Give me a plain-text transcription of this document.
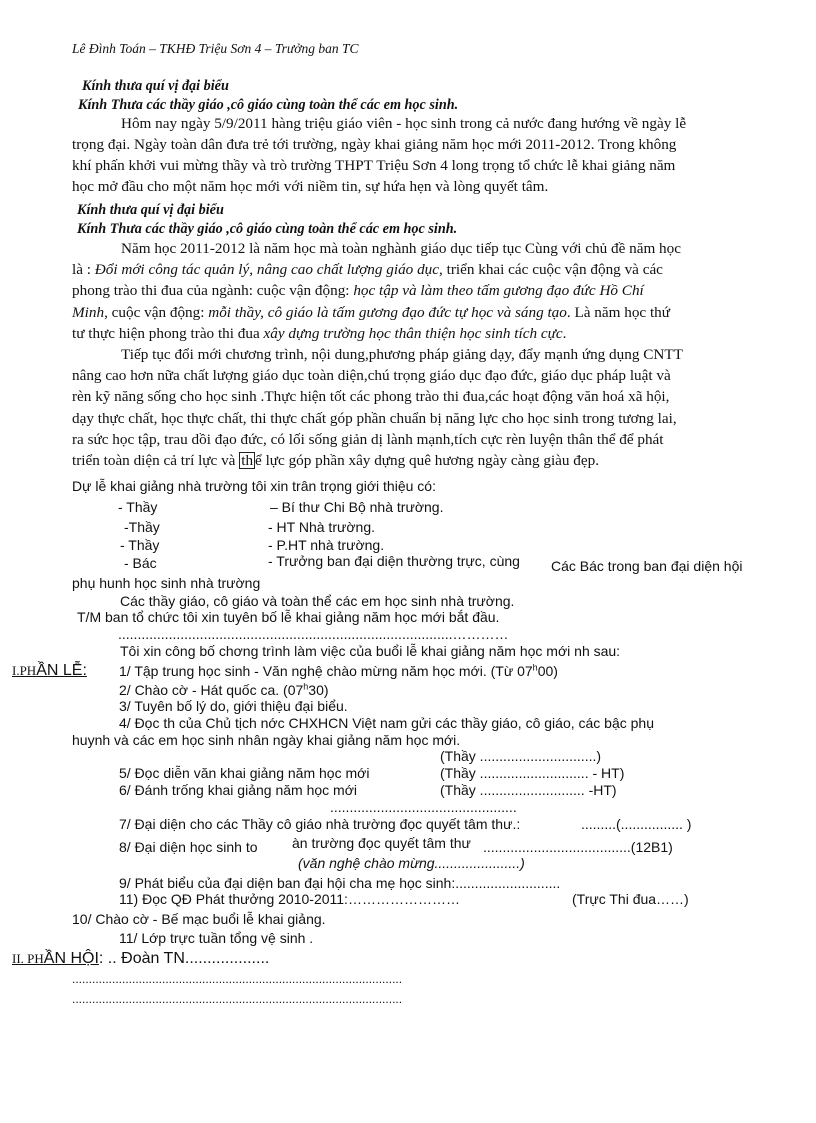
Lê Đình Toán – TKHĐ Triệu Sơn 4 – Trưởng ban TC
Kính thưa quí vị đại biểu
Kính Thưa các thầy giáo ,cô giáo cùng toàn thể các em học sinh.
Hôm nay ngày 5/9/2011 hàng triệu giáo viên - học sinh trong cả nước đang hướng về ngày lễ
trọng đại. Ngày toàn dân đưa trẻ tới trường, ngày khai giảng năm học mới 2011-2012. Trong không
khí phấn khởi vui mừng thầy và trò trường THPT Triệu Sơn 4 long trọng tổ chức lễ khai giảng năm
học mở đầu cho một năm học mới với niềm tin, sự hứa hẹn và lòng quyết tâm.
Kính thưa quí vị đại biểu
Kính Thưa các thầy giáo ,cô giáo cùng toàn thể các em học sinh.
Năm học 2011-2012 là năm học mà toàn nghành giáo dục tiếp tục Cùng với chủ đề năm học
là : Đổi mới công tác quản lý, nâng cao chất lượng giáo dục, triển khai các cuộc vận động và các
phong trào thi đua của ngành: cuộc vận động: học tập và làm theo tấm gương đạo đức Hồ Chí
Minh, cuộc vận động: mỗi thầy, cô giáo là tấm gương đạo đức tự học và sáng tạo. Là năm học thứ
tư thực hiện phong trào thi đua xây dựng trường học thân thiện học sinh tích cực.
Tiếp tục đổi mới chương trình, nội dung,phương pháp giảng dạy, đẩy mạnh ứng dụng CNTT
nâng cao hơn nữa chất lượng giáo dục toàn diện,chú trọng giáo dục đạo đức, giáo dục pháp luật và
rèn kỹ năng sống cho học sinh .Thực hiện tốt các phong trào thi đua,các hoạt động văn hoá xã hội,
dạy thực chất, học thực chất, thi thực chất góp phần chuẩn bị năng lực cho học sinh trong tương lai,
ra sức học tập, trau dồi đạo đức, có lối sống giản dị lành mạnh,tích cực rèn luyện thân thể để phát
triển toàn diện cả trí lực và th ể lực góp phần xây dựng quê hương ngày càng giàu đẹp.
Dự lễ khai giảng nhà trường tôi xin trân trọng giới thiệu có:
- Thầy	– Bí thư Chi Bộ nhà trường.
-Thầy	- HT Nhà trường.
- Thầy	- P.HT nhà trường.
- Bác	- Trưởng ban đại diện thường trực, cùng Các Bác trong ban đại diện hội
phụ hunh học sinh nhà trường
Các thầy giáo, cô giáo và toàn thể các em học sinh nhà trường.
T/M ban tổ chức tôi xin tuyên bố lễ khai giảng năm học mới bắt đầu.
......................................................................................…………
Tôi xin công bố chơng trình làm việc của buổi lễ khai giảng năm học mới nh sau:
I.PHẦN LỄ: 1/ Tập trung học sinh - Văn nghệ chào mừng năm học mới. (Từ 07$^h$00)
2/ Chào cờ - Hát quốc ca. (07$^h$30)
3/ Tuyên bố lý do, giới thiệu đại biểu.
4/ Đọc th của Chủ tịch nớc CHXHCN Việt nam gửi các thầy giáo, cô giáo, các bậc phụ
huynh và các em học sinh nhân ngày khai giảng năm học mới.
(Thầy ..............................)
5/ Đọc diễn văn khai giảng năm học mới	(Thầy ............................ - HT)
6/ Đánh trống khai giảng năm học mới	(Thầy ........................... -HT)
................................................
7/ Đại diện cho các Thầy cô giáo nhà trường đọc quyết tâm thư.:	.........(................ )
8/ Đại diện học sinh to àn trường đọc quyết tâm thư ......................................(12B1)
(văn nghệ chào mừng......................)
9/ Phát biểu của đại diện ban đại hội cha mẹ học sinh:...........................
11) Đọc QĐ Phát thưởng 2010-2011:……………………	(Trực Thi đua……)
10/ Chào cờ - Bế mạc buổi lễ khai giảng.
11/ Lớp trực tuần tổng vệ sinh .
II. PHẦN HỘI: .. Đoàn TN...................
...................................................................................................
...................................................................................................
